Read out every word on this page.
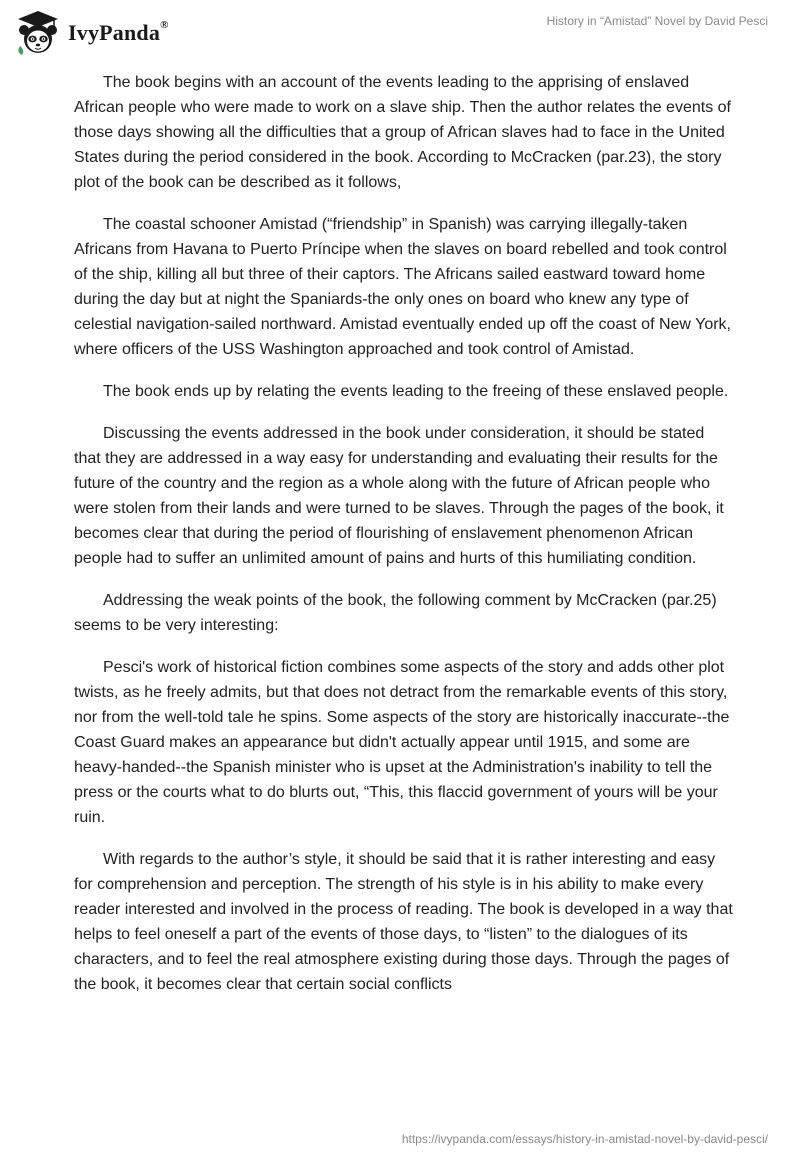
IvyPanda®	History in “Amistad” Novel by David Pesci

The book begins with an account of the events leading to the apprising of enslaved African people who were made to work on a slave ship. Then the author relates the events of those days showing all the difficulties that a group of African slaves had to face in the United States during the period considered in the book. According to McCracken (par.23), the story plot of the book can be described as it follows,

The coastal schooner Amistad (“friendship” in Spanish) was carrying illegally-taken Africans from Havana to Puerto Príncipe when the slaves on board rebelled and took control of the ship, killing all but three of their captors. The Africans sailed eastward toward home during the day but at night the Spaniards-the only ones on board who knew any type of celestial navigation-sailed northward. Amistad eventually ended up off the coast of New York, where officers of the USS Washington approached and took control of Amistad.

The book ends up by relating the events leading to the freeing of these enslaved people.

Discussing the events addressed in the book under consideration, it should be stated that they are addressed in a way easy for understanding and evaluating their results for the future of the country and the region as a whole along with the future of African people who were stolen from their lands and were turned to be slaves. Through the pages of the book, it becomes clear that during the period of flourishing of enslavement phenomenon African people had to suffer an unlimited amount of pains and hurts of this humiliating condition.

Addressing the weak points of the book, the following comment by McCracken (par.25) seems to be very interesting:

Pesci's work of historical fiction combines some aspects of the story and adds other plot twists, as he freely admits, but that does not detract from the remarkable events of this story, nor from the well-told tale he spins. Some aspects of the story are historically inaccurate--the Coast Guard makes an appearance but didn't actually appear until 1915, and some are heavy-handed--the Spanish minister who is upset at the Administration's inability to tell the press or the courts what to do blurts out, “This, this flaccid government of yours will be your ruin.

With regards to the author’s style, it should be said that it is rather interesting and easy for comprehension and perception. The strength of his style is in his ability to make every reader interested and involved in the process of reading. The book is developed in a way that helps to feel oneself a part of the events of those days, to “listen” to the dialogues of its characters, and to feel the real atmosphere existing during those days. Through the pages of the book, it becomes clear that certain social conflicts

https://ivypanda.com/essays/history-in-amistad-novel-by-david-pesci/
